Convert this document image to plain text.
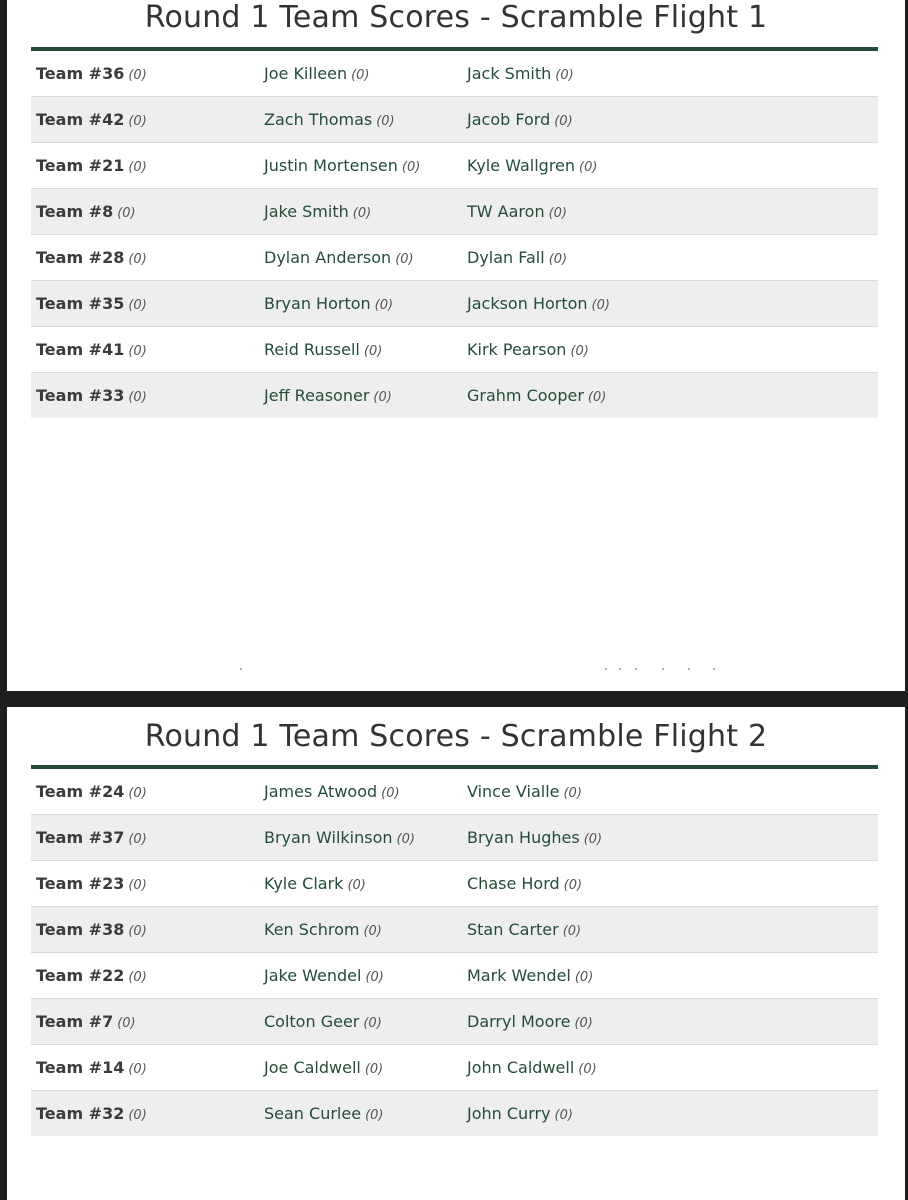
Round 1 Team Scores - Scramble Flight 1
Team #36 (0)	Joe Killeen (0)	Jack Smith (0)
Team #42 (0)	Zach Thomas (0)	Jacob Ford (0)
Team #21 (0)	Justin Mortensen (0)	Kyle Wallgren (0)
Team #8 (0)	Jake Smith (0)	TW Aaron (0)
Team #28 (0)	Dylan Anderson (0)	Dylan Fall (0)
Team #35 (0)	Bryan Horton (0)	Jackson Horton (0)
Team #41 (0)	Reid Russell (0)	Kirk Pearson (0)
Team #33 (0)	Jeff Reasoner (0)	Grahm Cooper (0)
Round 1 Team Scores - Scramble Flight 2
Team #24 (0)	James Atwood (0)	Vince Vialle (0)
Team #37 (0)	Bryan Wilkinson (0)	Bryan Hughes (0)
Team #23 (0)	Kyle Clark (0)	Chase Hord (0)
Team #38 (0)	Ken Schrom (0)	Stan Carter (0)
Team #22 (0)	Jake Wendel (0)	Mark Wendel (0)
Team #7 (0)	Colton Geer (0)	Darryl Moore (0)
Team #14 (0)	Joe Caldwell (0)	John Caldwell (0)
Team #32 (0)	Sean Curlee (0)	John Curry (0)
